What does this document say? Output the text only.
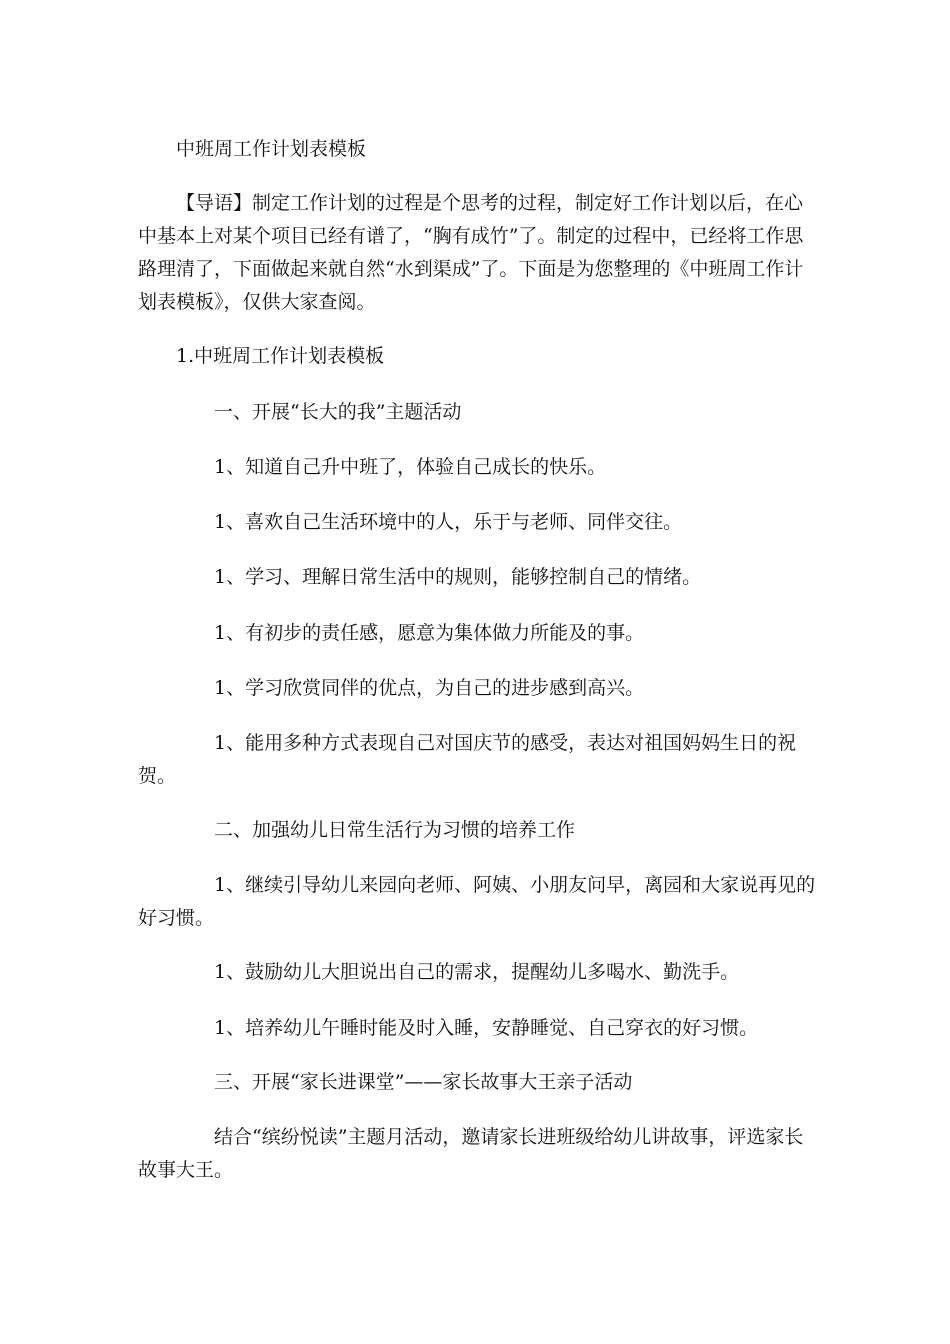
中班周工作计划表模板

【导语】制定工作计划的过程是个思考的过程，制定好工作计划以后，在心中基本上对某个项目已经有谱了，“胸有成竹”了。制定的过程中，已经将工作思路理清了，下面做起来就自然“水到渠成”了。下面是为您整理的《中班周工作计划表模板》，仅供大家查阅。

1.中班周工作计划表模板

一、开展“长大的我”主题活动

1、知道自己升中班了，体验自己成长的快乐。

1、喜欢自己生活环境中的人，乐于与老师、同伴交往。

1、学习、理解日常生活中的规则，能够控制自己的情绪。

1、有初步的责任感，愿意为集体做力所能及的事。

1、学习欣赏同伴的优点，为自己的进步感到高兴。

1、能用多种方式表现自己对国庆节的感受，表达对祖国妈妈生日的祝贺。

二、加强幼儿日常生活行为习惯的培养工作

1、继续引导幼儿来园向老师、阿姨、小朋友问早，离园和大家说再见的好习惯。

1、鼓励幼儿大胆说出自己的需求，提醒幼儿多喝水、勤洗手。

1、培养幼儿午睡时能及时入睡，安静睡觉、自己穿衣的好习惯。

三、开展“家长进课堂”——家长故事大王亲子活动

结合“缤纷悦读”主题月活动，邀请家长进班级给幼儿讲故事，评选家长故事大王。
